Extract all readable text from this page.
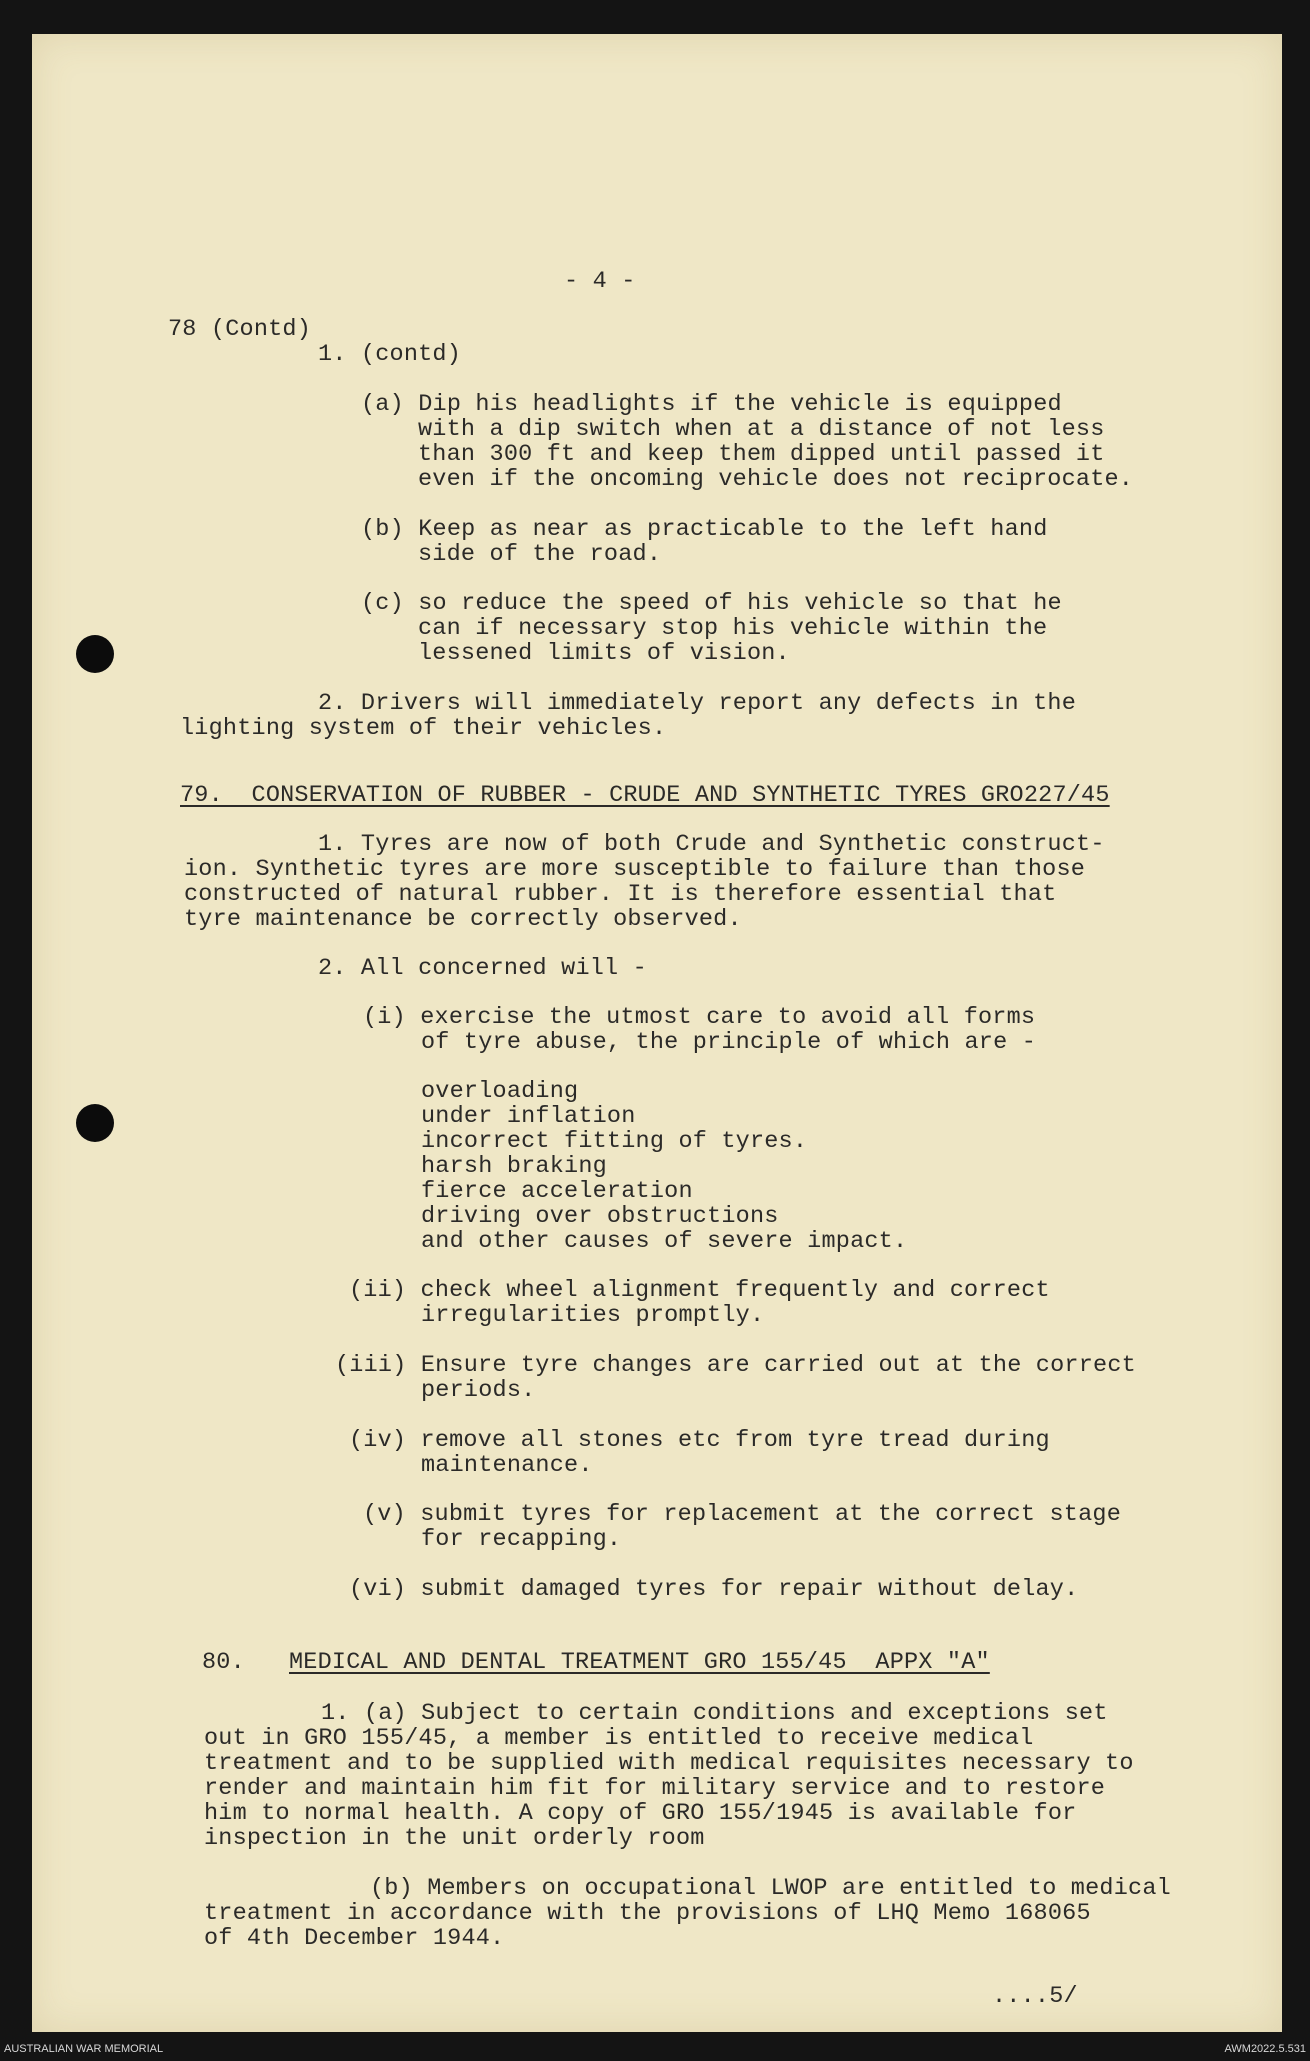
- 4 -
78 (Contd)
1. (contd)
(a) Dip his headlights if the vehicle is equipped
with a dip switch when at a distance of not less
than 300 ft and keep them dipped until passed it
even if the oncoming vehicle does not reciprocate.
(b) Keep as near as practicable to the left hand
side of the road.
(c) so reduce the speed of his vehicle so that he
can if necessary stop his vehicle within the
lessened limits of vision.
2. Drivers will immediately report any defects in the
lighting system of their vehicles.
79.  CONSERVATION OF RUBBER - CRUDE AND SYNTHETIC TYRES GRO227/45
1. Tyres are now of both Crude and Synthetic construct-
ion. Synthetic tyres are more susceptible to failure than those
constructed of natural rubber. It is therefore essential that
tyre maintenance be correctly observed.
2. All concerned will -
(i) exercise the utmost care to avoid all forms
of tyre abuse, the principle of which are -
overloading
under inflation
incorrect fitting of tyres.
harsh braking
fierce acceleration
driving over obstructions
and other causes of severe impact.
(ii) check wheel alignment frequently and correct
irregularities promptly.
(iii) Ensure tyre changes are carried out at the correct
periods.
(iv) remove all stones etc from tyre tread during
maintenance.
(v) submit tyres for replacement at the correct stage
for recapping.
(vi) submit damaged tyres for repair without delay.
80. MEDICAL AND DENTAL TREATMENT GRO 155/45  APPX "A"
1. (a) Subject to certain conditions and exceptions set
out in GRO 155/45, a member is entitled to receive medical
treatment and to be supplied with medical requisites necessary to
render and maintain him fit for military service and to restore
him to normal health. A copy of GRO 155/1945 is available for
inspection in the unit orderly room
(b) Members on occupational LWOP are entitled to medical
treatment in accordance with the provisions of LHQ Memo 168065
of 4th December 1944.
....5/
AUSTRALIAN WAR MEMORIAL	AWM2022.5.531
